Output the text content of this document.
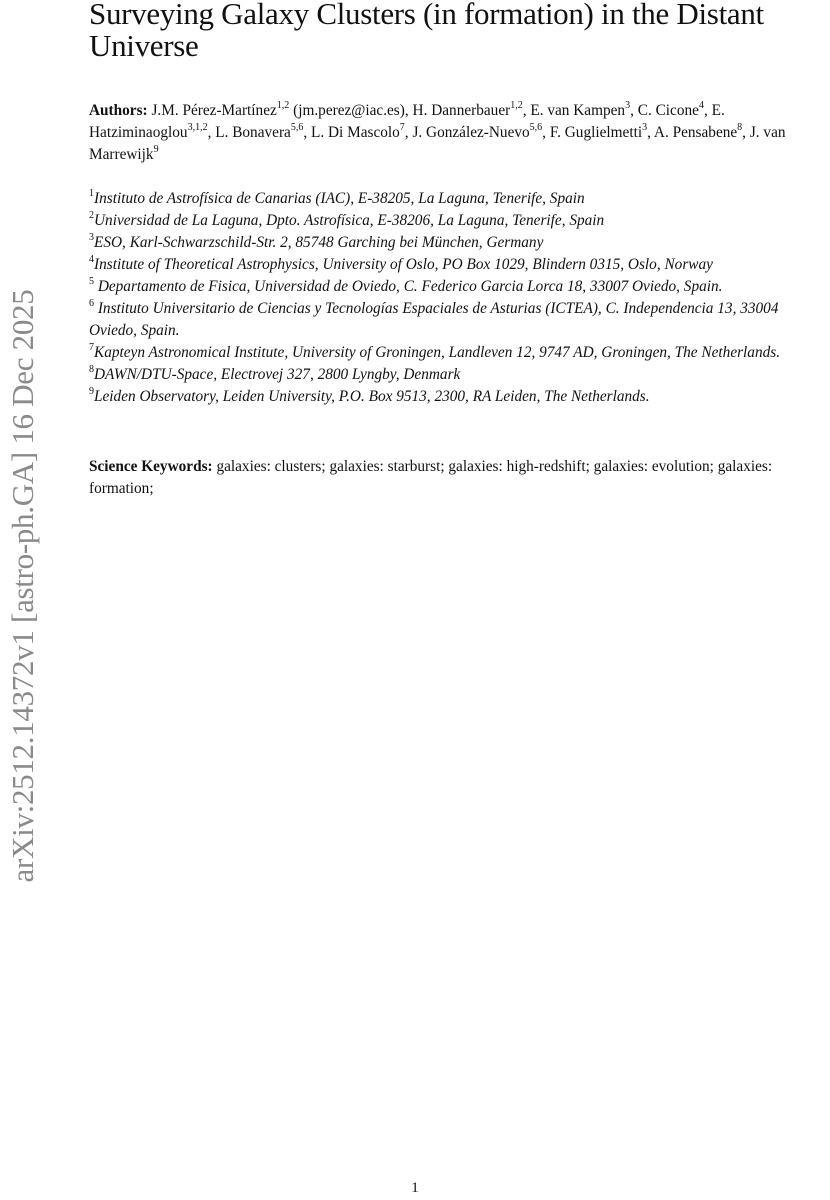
arXiv:2512.14372v1 [astro-ph.GA] 16 Dec 2025
Surveying Galaxy Clusters (in formation) in the Distant Universe
Authors: J.M. Pérez-Martínez$^{1,2}$ (jm.perez@iac.es), H. Dannerbauer$^{1,2}$, E. van Kampen$^3$, C. Cicone$^4$, E. Hatziminaoglou$^{3,1,2}$, L. Bonavera$^{5,6}$, L. Di Mascolo$^7$, J. González-Nuevo$^{5,6}$, F. Guglielmetti$^3$, A. Pensabene$^8$, J. van Marrewijk$^9$
$^1$Instituto de Astrofísica de Canarias (IAC), E-38205, La Laguna, Tenerife, Spain
$^2$Universidad de La Laguna, Dpto. Astrofísica, E-38206, La Laguna, Tenerife, Spain
$^3$ESO, Karl-Schwarzschild-Str. 2, 85748 Garching bei München, Germany
$^4$Institute of Theoretical Astrophysics, University of Oslo, PO Box 1029, Blindern 0315, Oslo, Norway
$^5$ Departamento de Fisica, Universidad de Oviedo, C. Federico Garcia Lorca 18, 33007 Oviedo, Spain.
$^6$ Instituto Universitario de Ciencias y Tecnologías Espaciales de Asturias (ICTEA), C. Independencia 13, 33004 Oviedo, Spain.
$^7$Kapteyn Astronomical Institute, University of Groningen, Landleven 12, 9747 AD, Groningen, The Netherlands.
$^8$DAWN/DTU-Space, Electrovej 327, 2800 Lyngby, Denmark
$^9$Leiden Observatory, Leiden University, P.O. Box 9513, 2300, RA Leiden, The Netherlands.
Science Keywords: galaxies: clusters; galaxies: starburst; galaxies: high-redshift; galaxies: evolution; galaxies: formation;
1
